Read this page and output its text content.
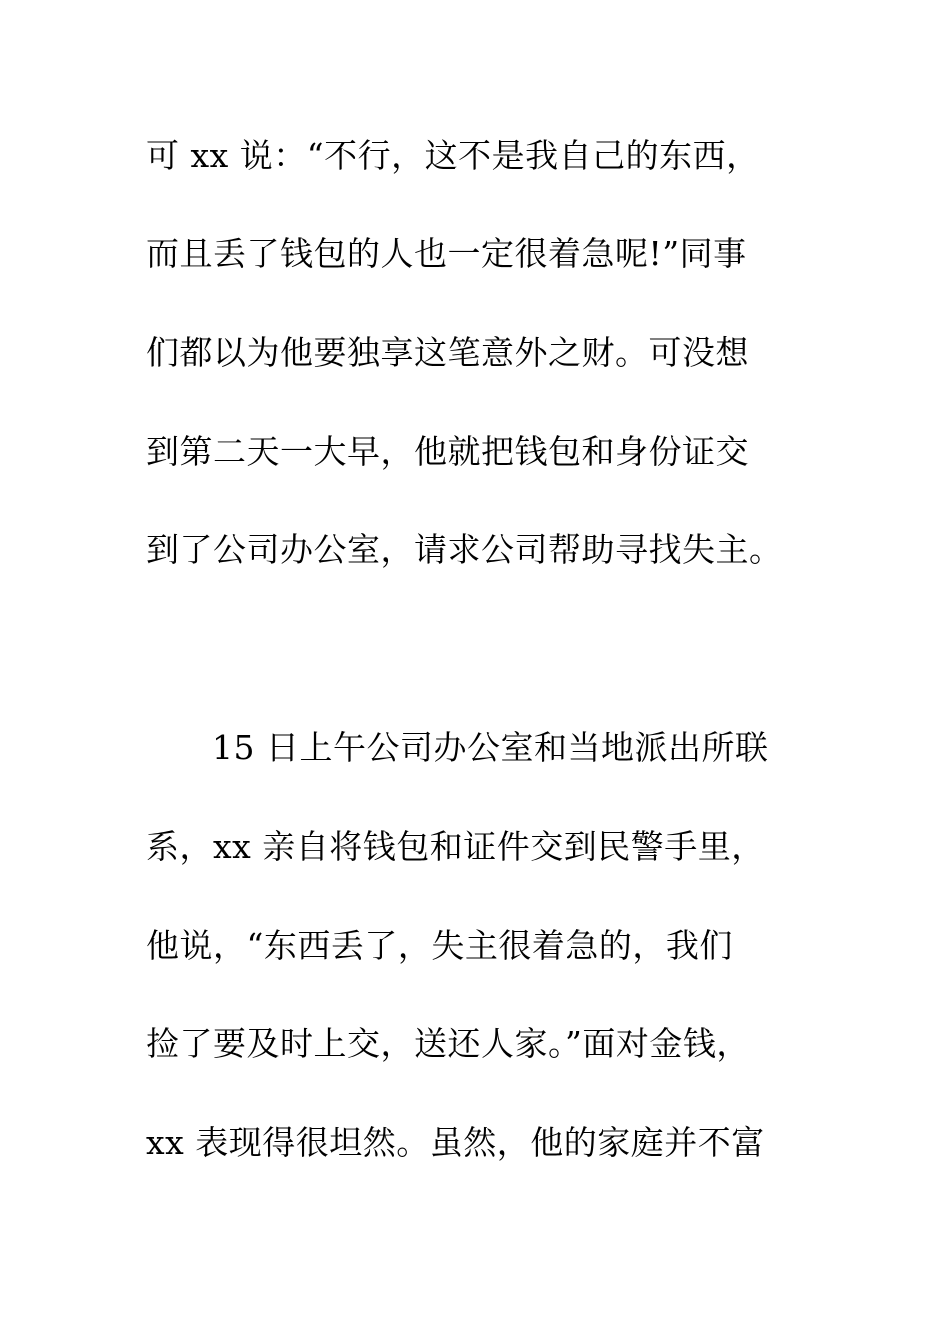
可 xx 说：“不行，这不是我自己的东西，
而且丢了钱包的人也一定很着急呢!”同事
们都以为他要独享这笔意外之财。可没想
到第二天一大早，他就把钱包和身份证交
到了公司办公室，请求公司帮助寻找失主。
15 日上午公司办公室和当地派出所联
系，xx 亲自将钱包和证件交到民警手里，
他说，“东西丢了，失主很着急的，我们
捡了要及时上交，送还人家。”面对金钱，
xx 表现得很坦然。虽然，他的家庭并不富
